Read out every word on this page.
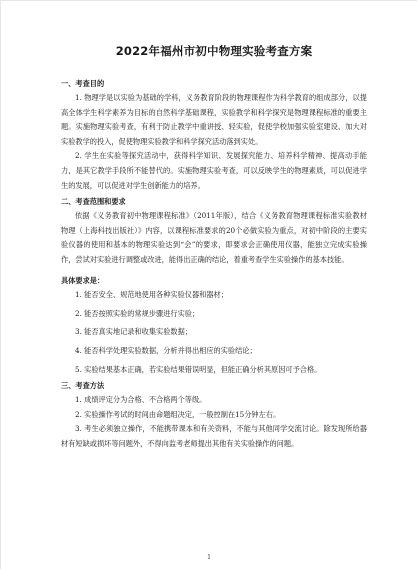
2022年福州市初中物理实验考查方案
一、考查目的

1. 物理学是以实验为基础的学科，义务教育阶段的物理课程作为科学教育的组成部分，以提高全体学生科学素养为目标的自然科学基础课程，实验教学和科学探究是物理课程标准的重要主题。实施物理实验考查，有利于防止教学中重讲授、轻实验，促使学校加强实验室建设、加大对实验教学的投入，促使物理实验教学和科学探究活动落到实处。

2. 学生在实验等探究活动中，获得科学知识、发展探究能力、培养科学精神、提高动手能力，是其它教学手段所不能替代的。实施物理实验考查，可以反映学生的物理素质，可以促进学生的发展，可以促进对学生创新能力的培养。

二、考查范围和要求

依据《义务教育初中物理课程标准》（2011年版），结合《义务教育物理课程标准实验教材 物理（上海科技出版社）》内容，以课程标准要求的20个必做实验为重点，对初中阶段的主要实验仪器的使用和基本的物理实验达到“会”的要求，即要求会正确使用仪器，能独立完成实验操作，尝试对实验进行调整或改进，能得出正确的结论，着重考查学生实验操作的基本技能。

具体要求是：

1. 能否安全、规范地使用各种实验仪器和器材；

2. 能否按照实验的常规步骤进行实验；

3. 能否真实地记录和收集实验数据；

4. 能否科学处理实验数据，分析并得出相应的实验结论；

5. 实验结果基本正确，若实验结果错误明显，但能正确分析其原因可予合格。

三、考查方法

1. 成绩评定分为合格、不合格两个等级。

2. 实验操作考试的时间由命题组决定，一般控制在15分钟左右。

3. 考生必须独立操作，不能携带课本和有关资料，不能与其他同学交流讨论。除发现所给器材有短缺或损坏等问题外，不得向监考老师提出其他有关实验操作的问题。

1
